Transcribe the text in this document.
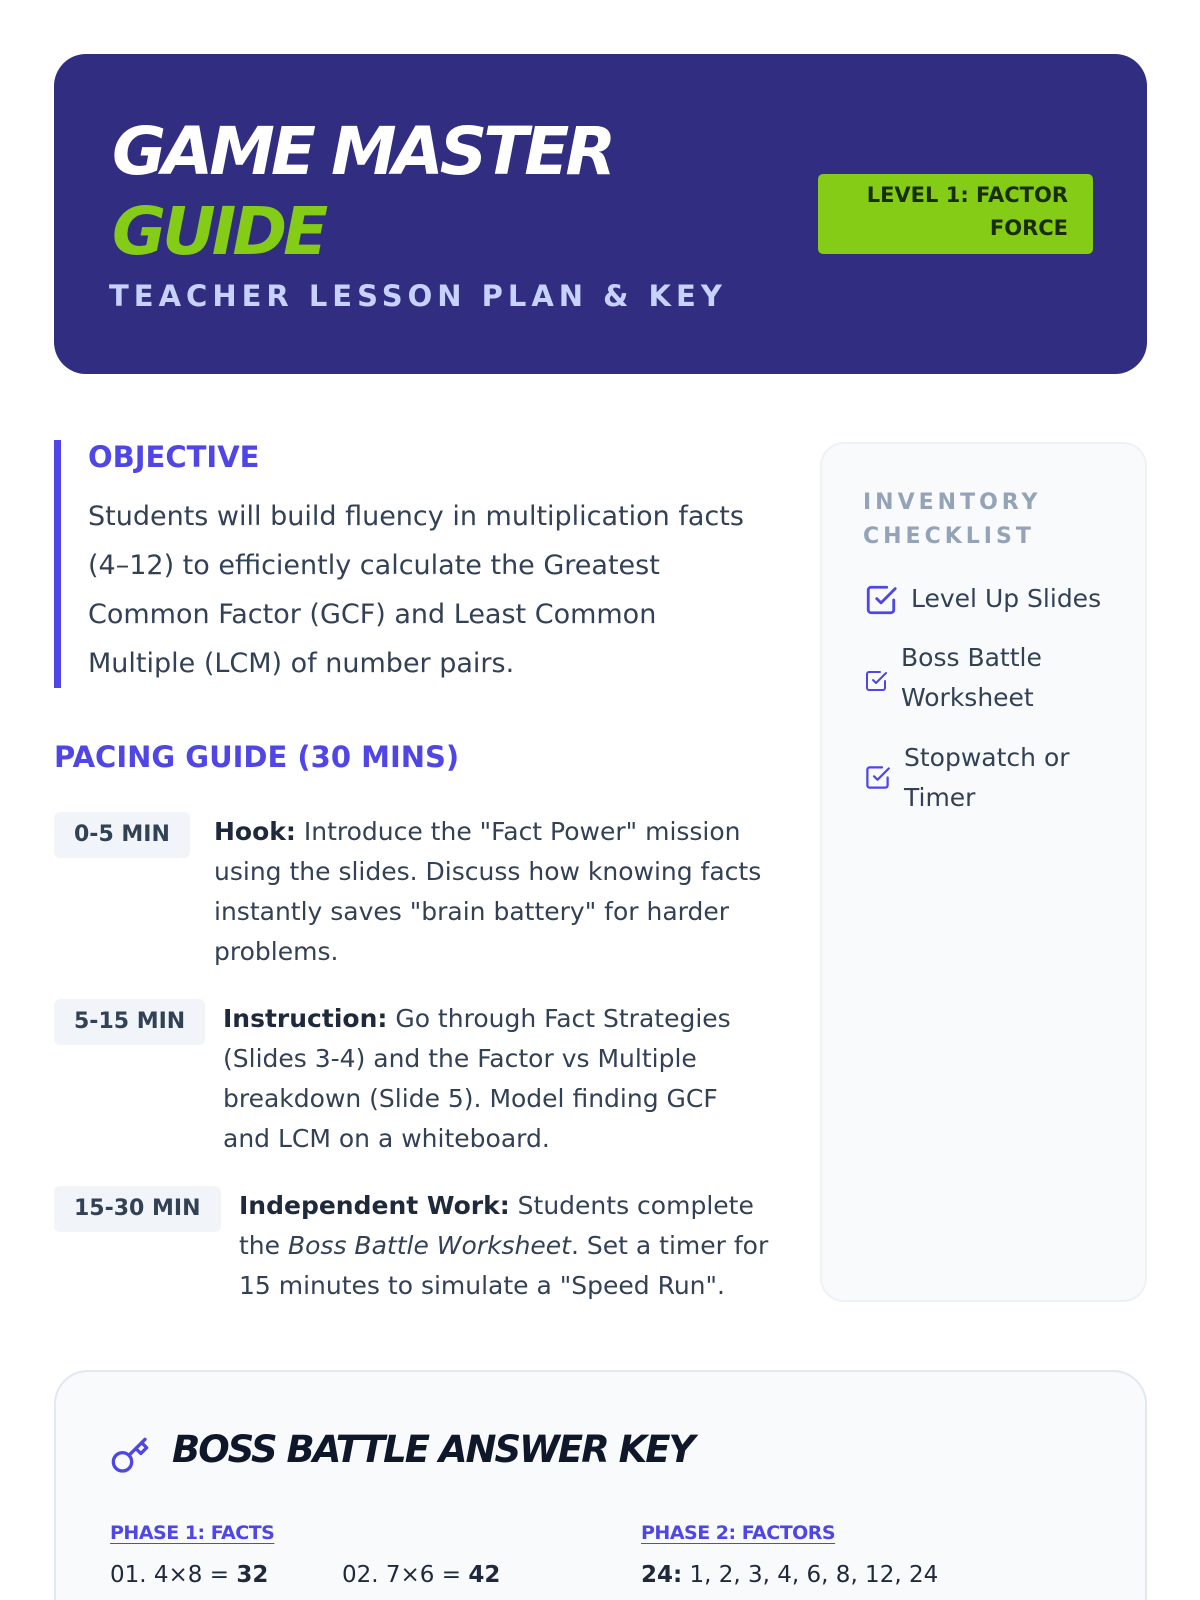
GAME MASTER
GUIDE
TEACHER LESSON PLAN & KEY
LEVEL 1: FACTOR
FORCE
OBJECTIVE
Students will build fluency in multiplication facts (4–12) to efficiently calculate the Greatest Common Factor (GCF) and Least Common Multiple (LCM) of number pairs.
PACING GUIDE (30 MINS)
0-5 MIN	Hook: Introduce the "Fact Power" mission using the slides. Discuss how knowing facts instantly saves "brain battery" for harder problems.
5-15 MIN	Instruction: Go through Fact Strategies (Slides 3-4) and the Factor vs Multiple breakdown (Slide 5). Model finding GCF and LCM on a whiteboard.
15-30 MIN	Independent Work: Students complete the Boss Battle Worksheet. Set a timer for 15 minutes to simulate a "Speed Run".
INVENTORY
CHECKLIST
Level Up Slides
Boss Battle
Worksheet
Stopwatch or
Timer
BOSS BATTLE ANSWER KEY
PHASE 1: FACTS	PHASE 2: FACTORS
01. 4×8 = 32	02. 7×6 = 42	24: 1, 2, 3, 4, 6, 8, 12, 24
